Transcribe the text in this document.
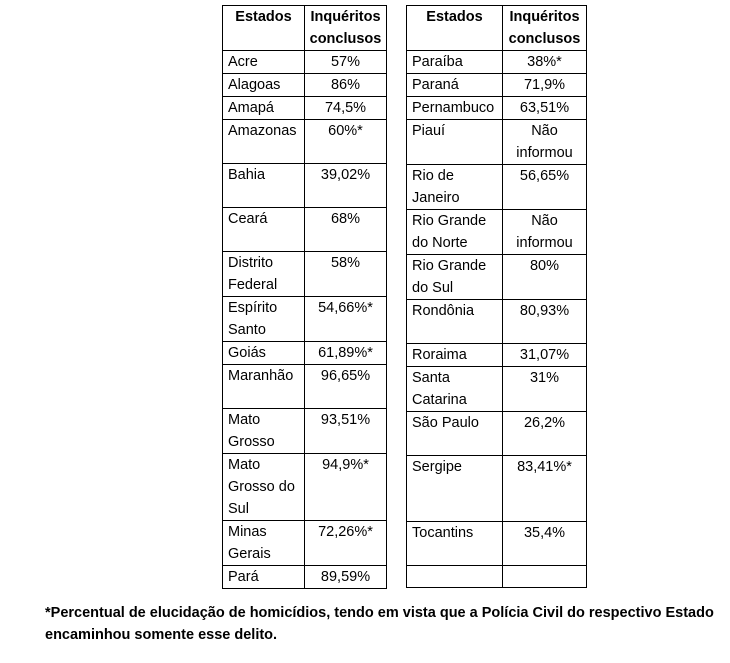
Estados	Inquéritos conclusos
Acre	57%
Alagoas	86%
Amapá	74,5%
Amazonas	60%*
Bahia	39,02%
Ceará	68%
Distrito Federal	58%
Espírito Santo	54,66%*
Goiás	61,89%*
Maranhão	96,65%
Mato Grosso	93,51%
Mato Grosso do Sul	94,9%*
Minas Gerais	72,26%*
Pará	89,59%
Estados	Inquéritos conclusos
Paraíba	38%*
Paraná	71,9%
Pernambuco	63,51%
Piauí	Não informou
Rio de Janeiro	56,65%
Rio Grande do Norte	Não informou
Rio Grande do Sul	80%
Rondônia	80,93%
Roraima	31,07%
Santa Catarina	31%
São Paulo	26,2%
Sergipe	83,41%*
Tocantins	35,4%

*Percentual de elucidação de homicídios, tendo em vista que a Polícia Civil do respectivo Estado encaminhou somente esse delito.
